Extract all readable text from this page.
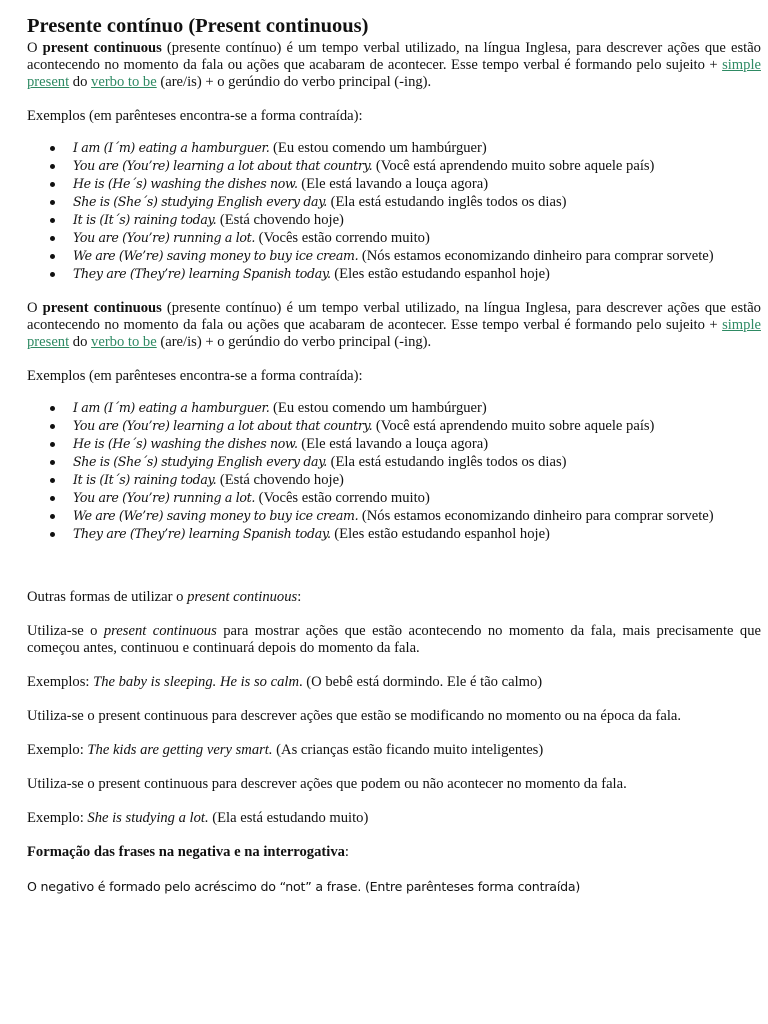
Presente contínuo (Present continuous)

O present continuous (presente contínuo) é um tempo verbal utilizado, na língua Inglesa, para descrever ações que estão acontecendo no momento da fala ou ações que acabaram de acontecer. Esse tempo verbal é formando pelo sujeito + simple present do verbo to be (are/is) + o gerúndio do verbo principal (-ing).

Exemplos (em parênteses encontra-se a forma contraída):

I am (I´m) eating a hamburguer. (Eu estou comendo um hambúrguer)
You are (You’re) learning a lot about that country. (Você está aprendendo muito sobre aquele país)
He is (He´s) washing the dishes now. (Ele está lavando a louça agora)
She is (She´s) studying English every day. (Ela está estudando inglês todos os dias)
It is (It´s) raining today. (Está chovendo hoje)
You are (You’re) running a lot. (Vocês estão correndo muito)
We are (We’re) saving money to buy ice cream. (Nós estamos economizando dinheiro para comprar sorvete)
They are (They’re) learning Spanish today. (Eles estão estudando espanhol hoje)

O present continuous (presente contínuo) é um tempo verbal utilizado, na língua Inglesa, para descrever ações que estão acontecendo no momento da fala ou ações que acabaram de acontecer. Esse tempo verbal é formando pelo sujeito + simple present do verbo to be (are/is) + o gerúndio do verbo principal (-ing).

Exemplos (em parênteses encontra-se a forma contraída):

I am (I´m) eating a hamburguer. (Eu estou comendo um hambúrguer)
You are (You’re) learning a lot about that country. (Você está aprendendo muito sobre aquele país)
He is (He´s) washing the dishes now. (Ele está lavando a louça agora)
She is (She´s) studying English every day. (Ela está estudando inglês todos os dias)
It is (It´s) raining today. (Está chovendo hoje)
You are (You’re) running a lot. (Vocês estão correndo muito)
We are (We’re) saving money to buy ice cream. (Nós estamos economizando dinheiro para comprar sorvete)
They are (They’re) learning Spanish today. (Eles estão estudando espanhol hoje)

Outras formas de utilizar o present continuous:

Utiliza-se o present continuous para mostrar ações que estão acontecendo no momento da fala, mais precisamente que começou antes, continuou e continuará depois do momento da fala.

Exemplos: The baby is sleeping. He is so calm. (O bebê está dormindo. Ele é tão calmo)

Utiliza-se o present continuous para descrever ações que estão se modificando no momento ou na época da fala.

Exemplo: The kids are getting very smart. (As crianças estão ficando muito inteligentes)

Utiliza-se o present continuous para descrever ações que podem ou não acontecer no momento da fala.

Exemplo: She is studying a lot. (Ela está estudando muito)

Formação das frases na negativa e na interrogativa:

O negativo é formado pelo acréscimo do “not” a frase. (Entre parênteses forma contraída)
